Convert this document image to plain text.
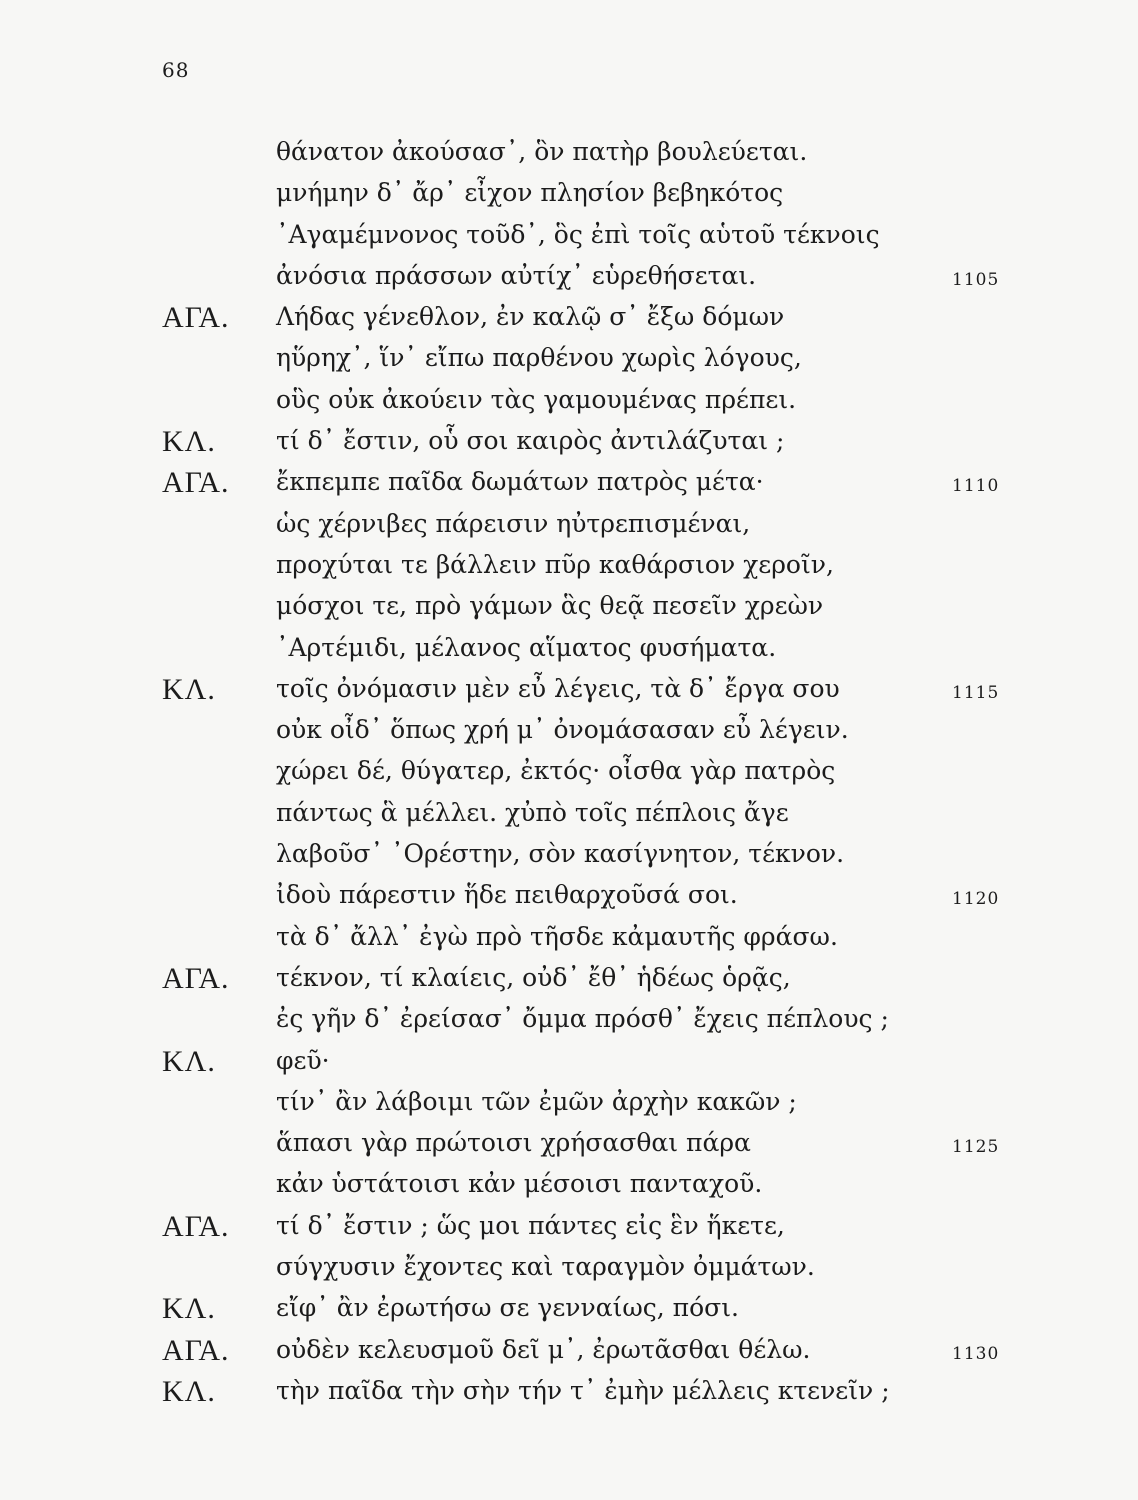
68
θάνατον ἀκούσασ᾽, ὃν πατὴρ βουλεύεται.
μνήμην δ᾽ ἄρ᾽ εἶχον πλησίον βεβηκότος
᾽Αγαμέμνονος τοῦδ᾽, ὃς ἐπὶ τοῖς αὑτοῦ τέκνοις
ἀνόσια πράσσων αὐτίχ᾽ εὑρεθήσεται.	1105
ΑΓΑ. Λήδας γένεθλον, ἐν καλῷ σ᾽ ἔξω δόμων
ηὕρηχ᾽, ἵν᾽ εἴπω παρθένου χωρὶς λόγους,
οὓς οὐκ ἀκούειν τὰς γαμουμένας πρέπει.
ΚΛ. τί δ᾽ ἔστιν, οὗ σοι καιρὸς ἀντιλάζυται ;
ΑΓΑ. ἔκπεμπε παῖδα δωμάτων πατρὸς μέτα·	1110
ὡς χέρνιβες πάρεισιν ηὐτρεπισμέναι,
προχύται τε βάλλειν πῦρ καθάρσιον χεροῖν,
μόσχοι τε, πρὸ γάμων ἃς θεᾷ πεσεῖν χρεὼν
᾽Αρτέμιδι, μέλανος αἵματος φυσήματα.
ΚΛ. τοῖς ὀνόμασιν μὲν εὖ λέγεις, τὰ δ᾽ ἔργα σου	1115
οὐκ οἶδ᾽ ὅπως χρή μ᾽ ὀνομάσασαν εὖ λέγειν.
χώρει δέ, θύγατερ, ἐκτός· οἶσθα γὰρ πατρὸς
πάντως ἃ μέλλει. χὐπὸ τοῖς πέπλοις ἄγε
λαβοῦσ᾽ ᾽Ορέστην, σὸν κασίγνητον, τέκνον.
ἰδοὺ πάρεστιν ἥδε πειθαρχοῦσά σοι.	1120
τὰ δ᾽ ἄλλ᾽ ἐγὼ πρὸ τῆσδε κἀμαυτῆς φράσω.
ΑΓΑ. τέκνον, τί κλαίεις, οὐδ᾽ ἔθ᾽ ἡδέως ὁρᾷς,
ἐς γῆν δ᾽ ἐρείσασ᾽ ὄμμα πρόσθ᾽ ἔχεις πέπλους ;
ΚΛ. φεῦ·
τίν᾽ ἂν λάβοιμι τῶν ἐμῶν ἀρχὴν κακῶν ;
ἅπασι γὰρ πρώτοισι χρήσασθαι πάρα	1125
κἀν ὑστάτοισι κἀν μέσοισι πανταχοῦ.
ΑΓΑ. τί δ᾽ ἔστιν ; ὥς μοι πάντες εἰς ἓν ἥκετε,
σύγχυσιν ἔχοντες καὶ ταραγμὸν ὀμμάτων.
ΚΛ. εἴφ᾽ ἂν ἐρωτήσω σε γενναίως, πόσι.
ΑΓΑ. οὐδὲν κελευσμοῦ δεῖ μ᾽, ἐρωτᾶσθαι θέλω.	1130
ΚΛ. τὴν παῖδα τὴν σὴν τήν τ᾽ ἐμὴν μέλλεις κτενεῖν ;
